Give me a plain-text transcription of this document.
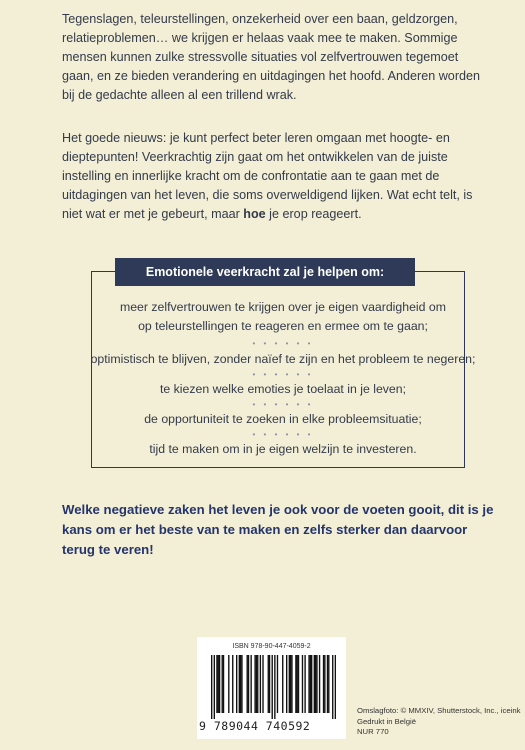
Tegenslagen, teleurstellingen, onzekerheid over een baan, geldzorgen, relatieproblemen… we krijgen er helaas vaak mee te maken. Sommige mensen kunnen zulke stressvolle situaties vol zelfvertrouwen tegemoet gaan, en ze bieden verandering en uitdagingen het hoofd. Anderen worden bij de gedachte alleen al een trillend wrak.

Het goede nieuws: je kunt perfect beter leren omgaan met hoogte- en dieptepunten! Veerkrachtig zijn gaat om het ontwikkelen van de juiste instelling en innerlijke kracht om de confrontatie aan te gaan met de uitdagingen van het leven, die soms overweldigend lijken. Wat echt telt, is niet wat er met je gebeurt, maar hoe je erop reageert.

Emotionele veerkracht zal je helpen om:
meer zelfvertrouwen te krijgen over je eigen vaardigheid om
op teleurstellingen te reageren en ermee om te gaan;
• • • • • •
optimistisch te blijven, zonder naïef te zijn en het probleem te negeren;
• • • • • •
te kiezen welke emoties je toelaat in je leven;
• • • • • •
de opportuniteit te zoeken in elke probleemsituatie;
• • • • • •
tijd te maken om in je eigen welzijn te investeren.

Welke negatieve zaken het leven je ook voor de voeten gooit, dit is je kans om er het beste van te maken en zelfs sterker dan daarvoor terug te veren!

ISBN 978-90-447-4059-2
9 789044 740592
Omslagfoto: © MMXIV, Shutterstock, Inc., iceink
Gedrukt in België
NUR 770
